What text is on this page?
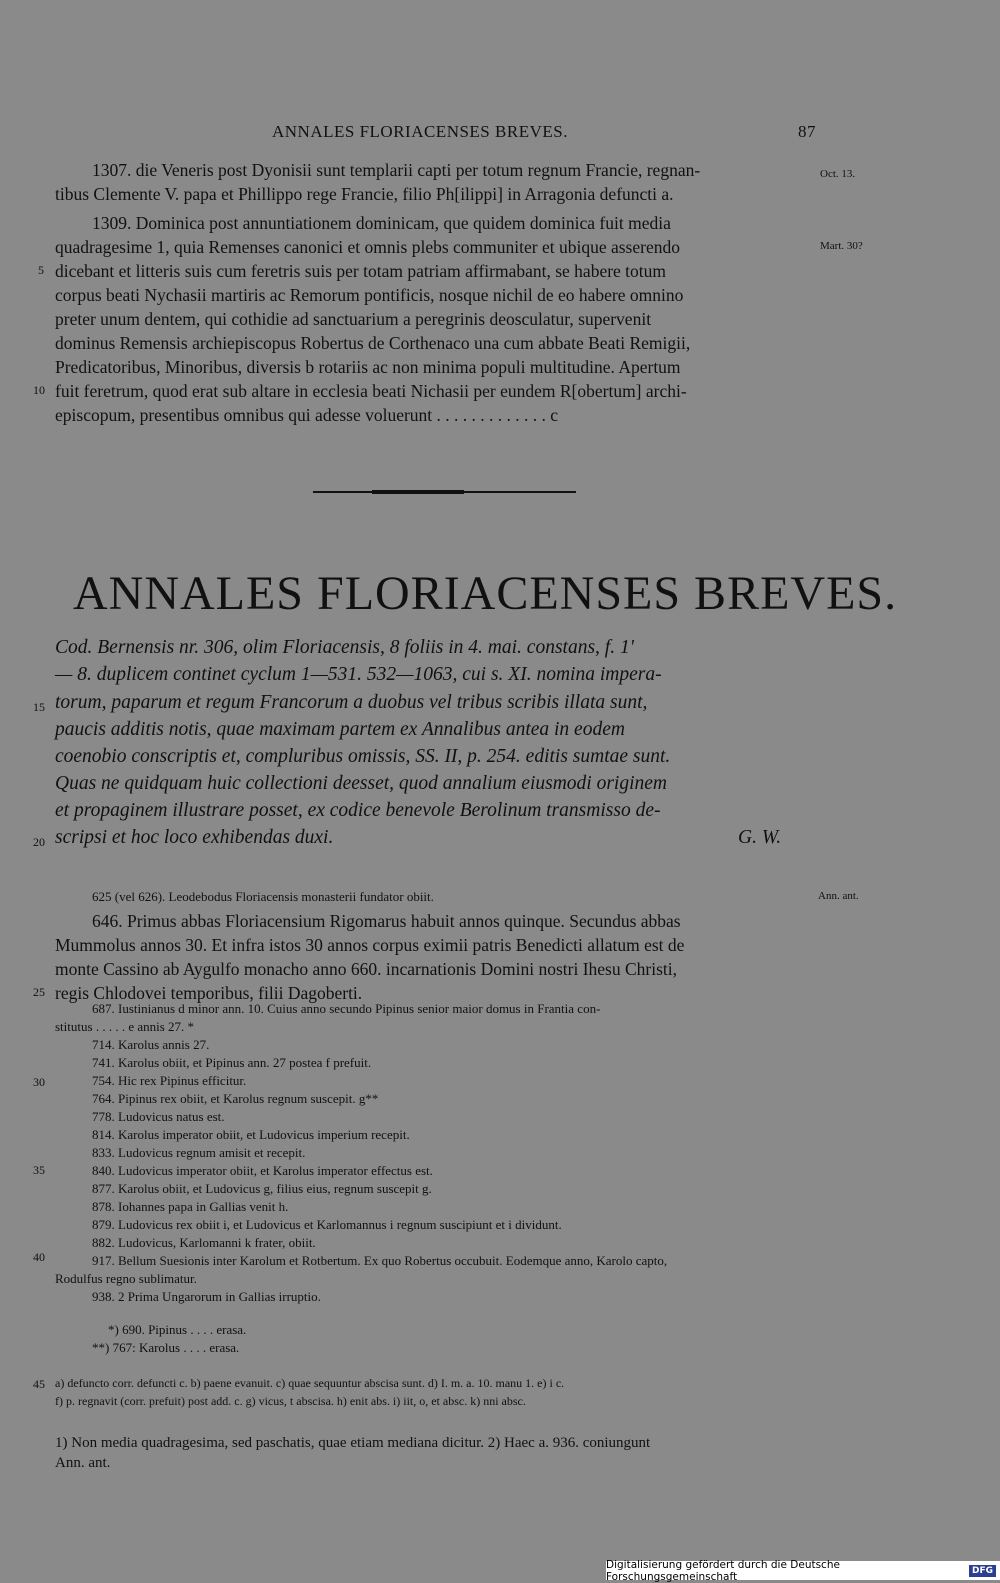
ANNALES FLORIACENSES BREVES.	87
1307. die Veneris post Dyonisii sunt templarii capti per totum regnum Francie, regnan-
tibus Clemente V. papa et Phillippo rege Francie, filio Ph[ilippi] in Arragonia defuncti a.
1309. Dominica post annuntiationem dominicam, que quidem dominica fuit media
quadragesime 1, quia Remenses canonici et omnis plebs communiter et ubique asserendo
dicebant et litteris suis cum feretris suis per totam patriam affirmabant, se habere totum
corpus beati Nychasii martiris ac Remorum pontificis, nosque nichil de eo habere omnino
preter unum dentem, qui cothidie ad sanctuarium a peregrinis deosculatur, supervenit
dominus Remensis archiepiscopus Robertus de Corthenaco una cum abbate Beati Remigii,
Predicatoribus, Minoribus, diversis b rotariis ac non minima populi multitudine. Apertum
fuit feretrum, quod erat sub altare in ecclesia beati Nichasii per eundem R[obertum] archi-
episcopum, presentibus omnibus qui adesse voluerunt . . . . . . . . . . . . . c
5
10
15
20
25
30
35
40
45
Oct. 13.
Mart. 30?
Ann. ant.
ANNALES FLORIACENSES BREVES.
Cod. Bernensis nr. 306, olim Floriacensis, 8 foliis in 4. mai. constans, f. 1'
— 8. duplicem continet cyclum 1—531. 532—1063, cui s. XI. nomina impera-
torum, paparum et regum Francorum a duobus vel tribus scribis illata sunt,
paucis additis notis, quae maximam partem ex Annalibus antea in eodem
coenobio conscriptis et, compluribus omissis, SS. II, p. 254. editis sumtae sunt.
Quas ne quidquam huic collectioni deesset, quod annalium eiusmodi originem
et propaginem illustrare posset, ex codice benevole Berolinum transmisso de-
scripsi et hoc loco exhibendas duxi.	G. W.
625 (vel 626). Leodebodus Floriacensis monasterii fundator obiit.
646. Primus abbas Floriacensium Rigomarus habuit annos quinque. Secundus abbas
Mummolus annos 30. Et infra istos 30 annos corpus eximii patris Benedicti allatum est de
monte Cassino ab Aygulfo monacho anno 660. incarnationis Domini nostri Ihesu Christi,
regis Chlodovei temporibus, filii Dagoberti.
687. Iustinianus d minor ann. 10. Cuius anno secundo Pipinus senior maior domus in Frantia con-
stitutus . . . . . e annis 27. *
714. Karolus annis 27.
741. Karolus obiit, et Pipinus ann. 27 postea f prefuit.
754. Hic rex Pipinus efficitur.
764. Pipinus rex obiit, et Karolus regnum suscepit. g**
778. Ludovicus natus est.
814. Karolus imperator obiit, et Ludovicus imperium recepit.
833. Ludovicus regnum amisit et recepit.
840. Ludovicus imperator obiit, et Karolus imperator effectus est.
877. Karolus obiit, et Ludovicus g, filius eius, regnum suscepit g.
878. Iohannes papa in Gallias venit h.
879. Ludovicus rex obiit i, et Ludovicus et Karlomannus i regnum suscipiunt et i dividunt.
882. Ludovicus, Karlomanni k frater, obiit.
917. Bellum Suesionis inter Karolum et Rotbertum. Ex quo Robertus occubuit. Eodemque anno, Karolo capto,
Rodulfus regno sublimatur.
938. 2 Prima Ungarorum in Gallias irruptio.
*) 690. Pipinus . . . . erasa.
**) 767: Karolus . . . . erasa.
a) defuncto corr. defuncti c. b) paene evanuit. c) quae sequuntur abscisa sunt. d) I. m. a. 10. manu 1. e) i c.
f) p. regnavit (corr. prefuit) post add. c. g) vicus, t abscisa. h) enit abs. i) iit, o, et absc. k) nni absc.
1) Non media quadragesima, sed paschatis, quae etiam mediana dicitur. 2) Haec a. 936. coniungunt
Ann. ant.
Digitalisierung gefördert durch die Deutsche Forschungsgemeinschaft	DFG
